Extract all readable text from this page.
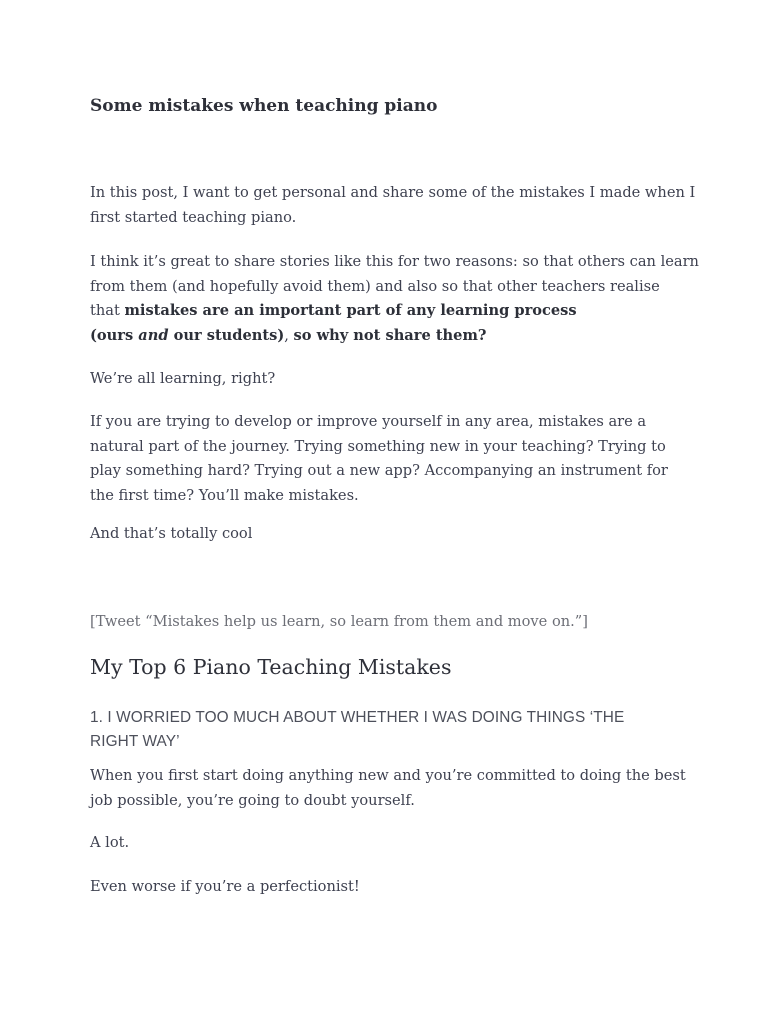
Some mistakes when teaching piano

In this post, I want to get personal and share some of the mistakes I made when I
first started teaching piano.

I think it’s great to share stories like this for two reasons: so that others can learn
from them (and hopefully avoid them) and also so that other teachers realise
that mistakes are an important part of any learning process
(ours and our students), so why not share them?

We’re all learning, right?

If you are trying to develop or improve yourself in any area, mistakes are a
natural part of the journey. Trying something new in your teaching? Trying to
play something hard? Trying out a new app? Accompanying an instrument for
the first time? You’ll make mistakes.

And that’s totally cool

[Tweet “Mistakes help us learn, so learn from them and move on.”]

My Top 6 Piano Teaching Mistakes
1. I WORRIED TOO MUCH ABOUT WHETHER I WAS DOING THINGS ‘THE
RIGHT WAY’

When you first start doing anything new and you’re committed to doing the best
job possible, you’re going to doubt yourself.

A lot.

Even worse if you’re a perfectionist!
